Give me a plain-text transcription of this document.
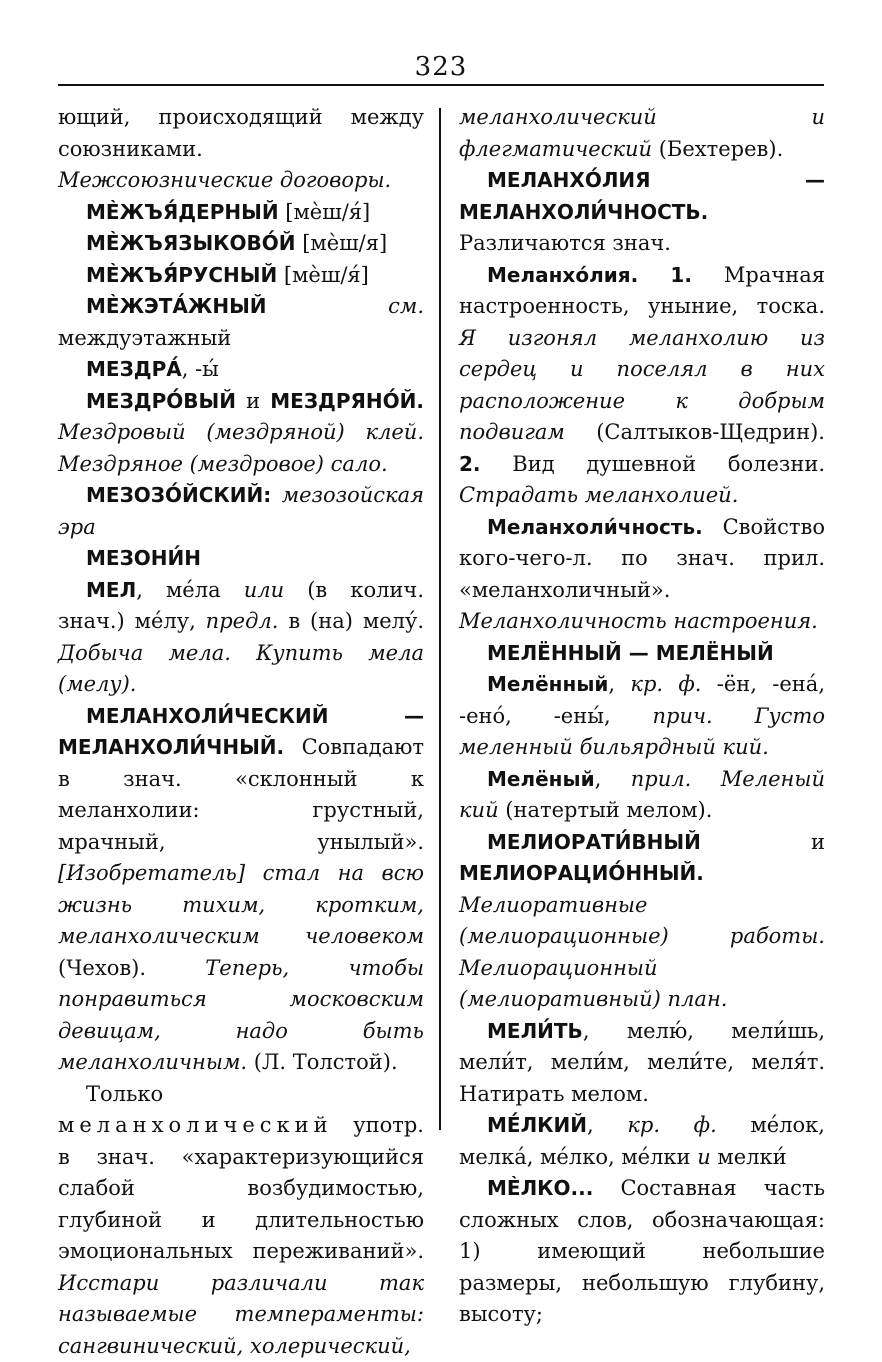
323

ющий, происходящий между союзниками. Межсоюзнические договоры.

МЀЖЪЯ́ДЕРНЫЙ [мѐш/я́]

МЀЖЪЯЗЫКОВО́Й [мѐш/я]

МЀЖЪЯ́РУСНЫЙ [мѐш/я́]

МЀЖЭТА́ЖНЫЙ см. междуэтажный

МЕЗДРА́, -ы́

МЕЗДРО́ВЫЙ и МЕЗДРЯНО́Й. Мездровый (мездряной) клей. Мездряное (мездровое) сало.

МЕЗОЗО́ЙСКИЙ: мезозойская эра

МЕЗОНИ́Н

МЕЛ, ме́ла или (в колич. знач.) ме́лу, предл. в (на) мелу́. Добыча мела. Купить мела (мелу).

МЕЛАНХОЛИ́ЧЕСКИЙ — МЕЛАНХОЛИ́ЧНЫЙ. Совпадают в знач. «склонный к меланхолии: грустный, мрачный, унылый». [Изобретатель] стал на всю жизнь тихим, кротким, меланхолическим человеком (Чехов). Теперь, чтобы понравиться московским девицам, надо быть меланхоличным. (Л. Толстой).

Только меланхолический употр. в знач. «характеризующийся слабой возбудимостью, глубиной и длительностью эмоциональных переживаний». Исстари различали так называемые темпераменты: сангвинический, холерический,

меланхолический и флегматический (Бехтерев).

МЕЛАНХО́ЛИЯ — МЕЛАНХОЛИ́ЧНОСТЬ. Различаются знач.

Меланхо́лия. 1. Мрачная настроенность, уныние, тоска. Я изгонял меланхолию из сердец и поселял в них расположение к добрым подвигам (Салтыков-Щедрин). 2. Вид душевной болезни. Страдать меланхолией.

Меланхоли́чность. Свойство кого-чего-л. по знач. прил. «меланхоличный». Меланхоличность настроения.

МЕЛЁННЫЙ — МЕЛЁНЫЙ

Мелённый, кр. ф. -ён, -ена́, -ено́, -ены́, прич. Густо меленный бильярдный кий.

Мелёный, прил. Меленый кий (натертый мелом).

МЕЛИОРАТИ́ВНЫЙ и МЕЛИОРАЦИО́ННЫЙ. Мелиоративные (мелиорационные) работы. Мелиорационный (мелиоративный) план.

МЕЛИ́ТЬ, мелю́, мели́шь, мели́т, мели́м, мели́те, меля́т. Натирать мелом.

МЕ́ЛКИЙ, кр. ф. ме́лок, мелка́, ме́лко, ме́лки и мелки́

МЀЛКО... Составная часть сложных слов, обозначающая: 1) имеющий небольшие размеры, небольшую глубину, высоту;
